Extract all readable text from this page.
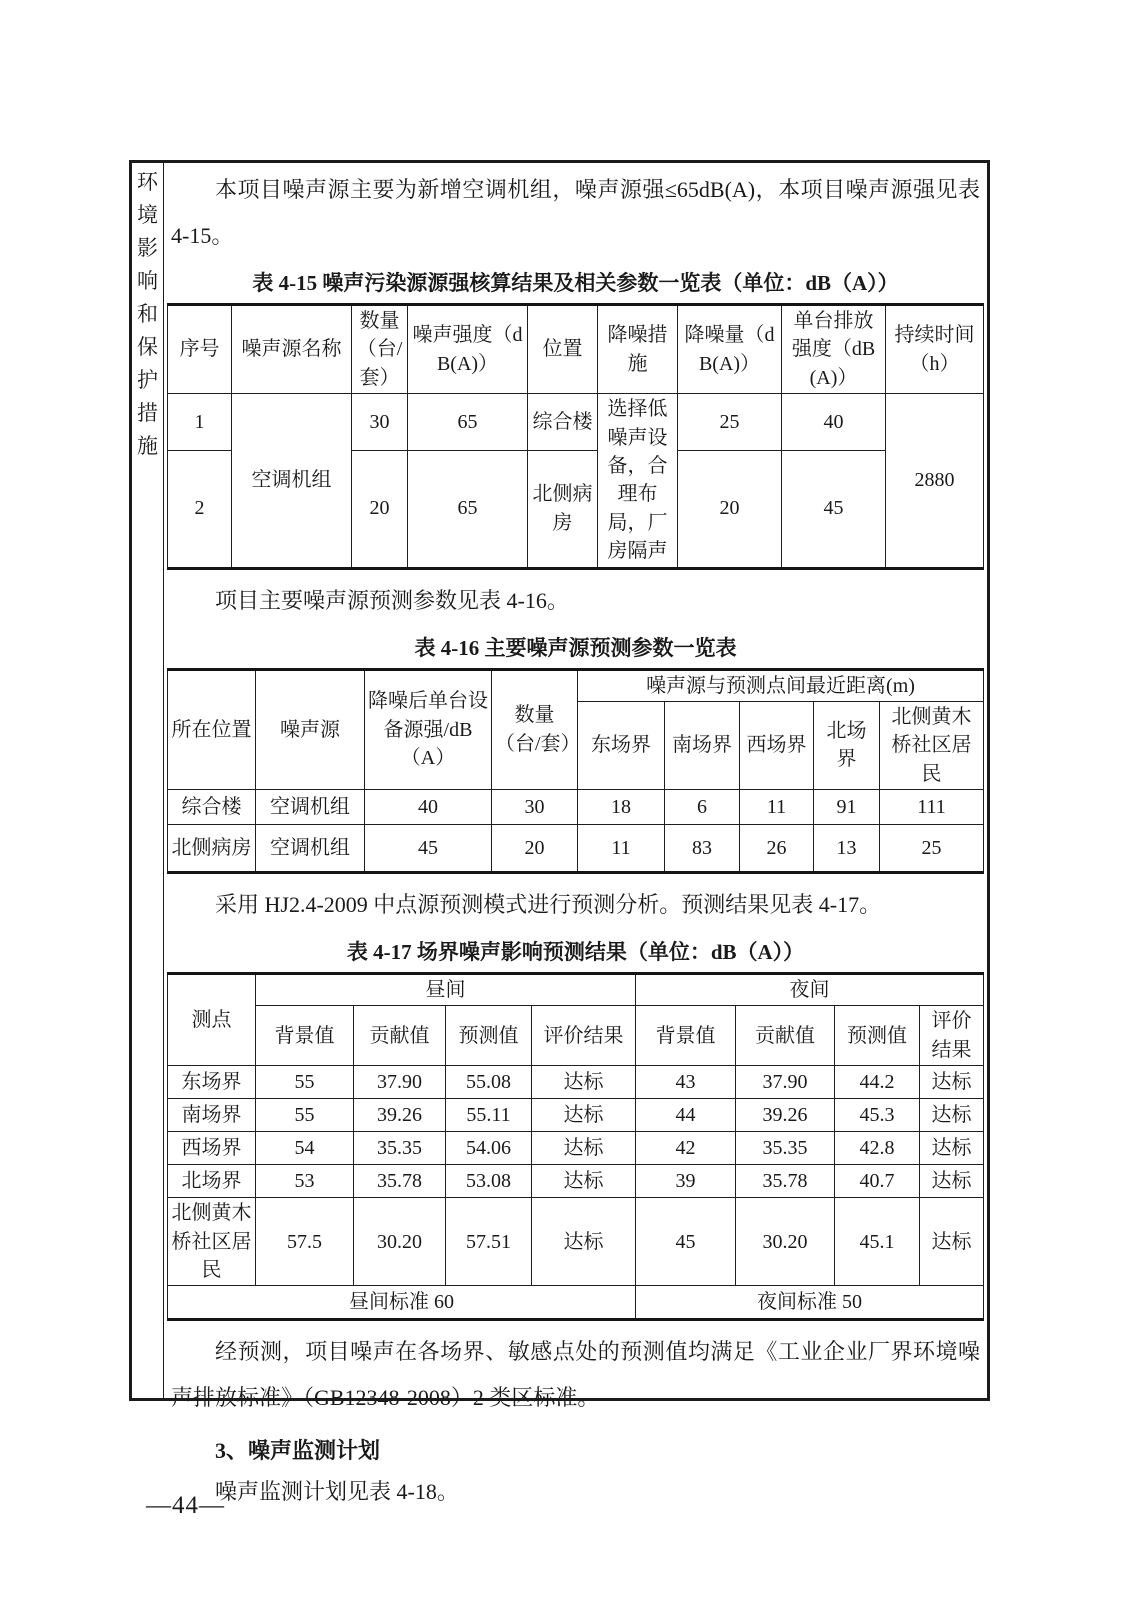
环
境
影
响
和
保
护
措
施

本项目噪声源主要为新增空调机组，噪声源强≤65dB(A)，本项目噪声源强见表4-15。

表 4-15 噪声污染源源强核算结果及相关参数一览表（单位：dB（A））
序号	噪声源名称	数量（台/套）	噪声强度（dB(A)）	位置	降噪措施	降噪量（dB(A)）	单台排放强度（dB(A)）	持续时间（h）
1	空调机组	30	65	综合楼	选择低噪声设备，合理布局，厂房隔声	25	40	2880
2		20	65	北侧病房		20	45	

项目主要噪声源预测参数见表 4-16。

表 4-16 主要噪声源预测参数一览表
所在位置	噪声源	降噪后单台设备源强/dB（A）	数量（台/套）	噪声源与预测点间最近距离(m)				
				东场界	南场界	西场界	北场界	北侧黄木桥社区居民
综合楼	空调机组	40	30	18	6	11	91	111
北侧病房	空调机组	45	20	11	83	26	13	25

采用 HJ2.4-2009 中点源预测模式进行预测分析。预测结果见表 4-17。

表 4-17 场界噪声影响预测结果（单位：dB（A））
测点	昼间				夜间			
	背景值	贡献值	预测值	评价结果	背景值	贡献值	预测值	评价结果
东场界	55	37.90	55.08	达标	43	37.90	44.2	达标
南场界	55	39.26	55.11	达标	44	39.26	45.3	达标
西场界	54	35.35	54.06	达标	42	35.35	42.8	达标
北场界	53	35.78	53.08	达标	39	35.78	40.7	达标
北侧黄木桥社区居民	57.5	30.20	57.51	达标	45	30.20	45.1	达标
昼间标准 60					夜间标准 50			

经预测，项目噪声在各场界、敏感点处的预测值均满足《工业企业厂界环境噪声排放标准》（GB12348-2008）2 类区标准。

3、噪声监测计划

噪声监测计划见表 4-18。

—44—
